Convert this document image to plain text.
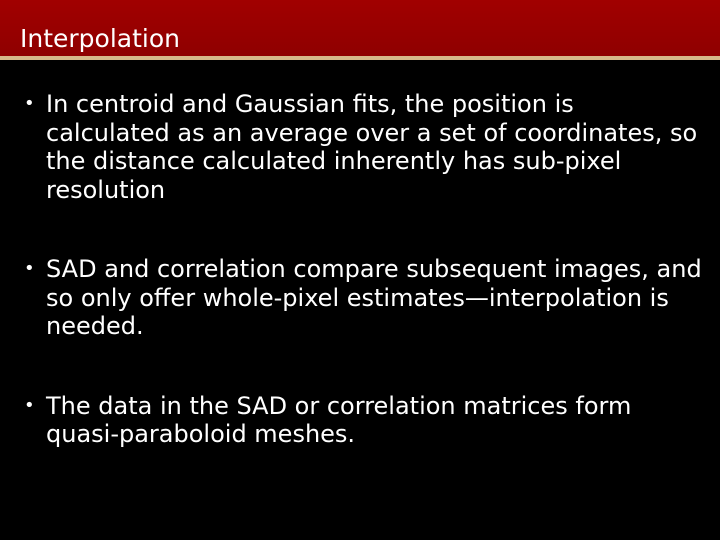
Interpolation
• In centroid and Gaussian fits, the position is calculated as an average over a set of coordinates, so the distance calculated inherently has sub-pixel resolution
• SAD and correlation compare subsequent images, and so only offer whole-pixel estimates—interpolation is needed.
• The data in the SAD or correlation matrices form quasi-paraboloid meshes.
